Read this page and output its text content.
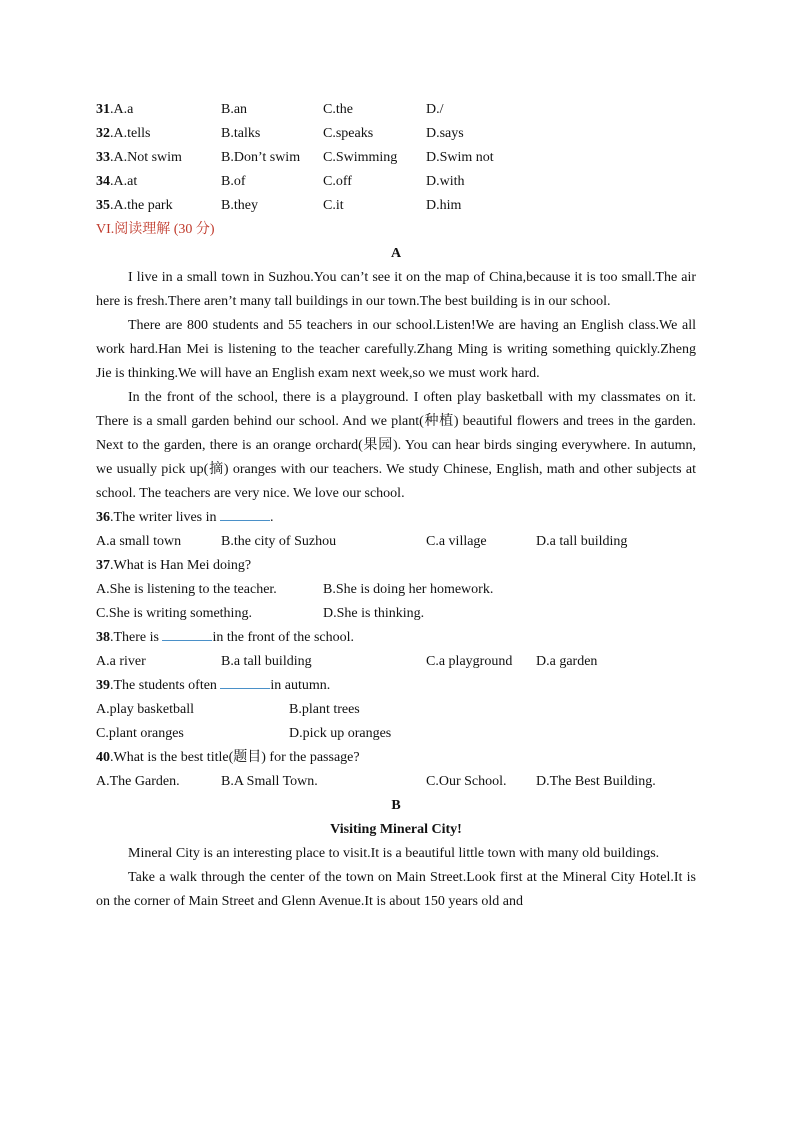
31.A.a	B.an	C.the	D./
32.A.tells	B.talks	C.speaks	D.says
33.A.Not swim	B.Don’t swim C.Swimming D.Swim not
34.A.at	B.of	C.off	D.with
35.A.the park	B.they	C.it	D.him
VI.阅读理解 (30 分)
A

I live in a small town in Suzhou.You can’t see it on the map of China,because it is too small.The air here is fresh.There aren’t many tall buildings in our town.The best building is in our school.

There are 800 students and 55 teachers in our school.Listen!We are having an English class.We all work hard.Han Mei is listening to the teacher carefully.Zhang Ming is writing something quickly.Zheng Jie is thinking.We will have an English exam next week,so we must work hard.

In the front of the school, there is a playground. I often play basketball with my classmates on it. There is a small garden behind our school. And we plant(种植) beautiful flowers and trees in the garden. Next to the garden, there is an orange orchard(果园). You can hear birds singing everywhere. In autumn, we usually pick up(摘) oranges with our teachers. We study Chinese, English, math and other subjects at school. The teachers are very nice. We love our school.

36.The writer lives in	.
A.a small town	B.the city of Suzhou	C.a village	D.a tall building
37.What is Han Mei doing?
A.She is listening to the teacher.	B.She is doing her homework.
C.She is writing something.	D.She is thinking.
38.There is	in the front of the school.
A.a river	B.a tall building	C.a playground D.a garden
39.The students often	in autumn.
A.play basketball	B.plant trees
C.plant oranges	D.pick up oranges
40.What is the best title(题目) for the passage?
A.The Garden.	B.A Small Town.	C.Our School. D.The Best Building.
B
Visiting Mineral City!

Mineral City is an interesting place to visit.It is a beautiful little town with many old buildings.

Take a walk through the center of the town on Main Street.Look first at the Mineral City Hotel.It is on the corner of Main Street and Glenn Avenue.It is about 150 years old and
